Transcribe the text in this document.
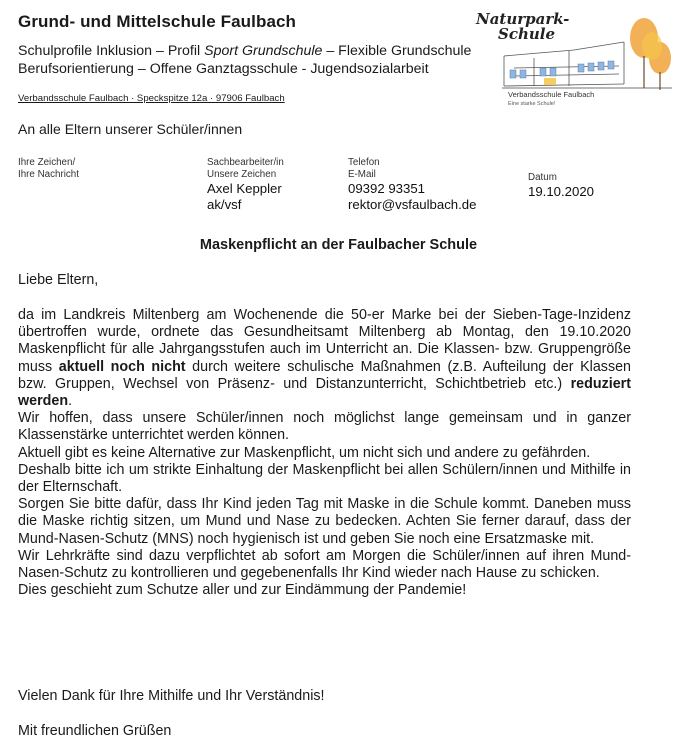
Grund- und Mittelschule Faulbach
Schulprofile Inklusion – Profil Sport Grundschule – Flexible Grundschule
Berufsorientierung – Offene Ganztagsschule - Jugendsozialarbeit
Verbandsschule Faulbach · Speckspitze 12a · 97906 Faulbach
Naturpark-
Schule
Verbandsschule Faulbach
Eine starke Schule!
An alle Eltern unserer Schüler/innen
Ihre Zeichen/
Ihre Nachricht
Sachbearbeiter/in
Unsere Zeichen
Axel Keppler
ak/vsf
Telefon
E-Mail
09392 93351
rektor@vsfaulbach.de
Datum
19.10.2020
Maskenpflicht an der Faulbacher Schule
Liebe Eltern,

da im Landkreis Miltenberg am Wochenende die 50-er Marke bei der Sieben-Tage-Inzidenz übertroffen wurde, ordnete das Gesundheitsamt Miltenberg ab Montag, den 19.10.2020 Maskenpflicht für alle Jahrgangsstufen auch im Unterricht an. Die Klassen- bzw. Gruppengröße muss aktuell noch nicht durch weitere schulische Maßnahmen (z.B. Aufteilung der Klassen bzw. Gruppen, Wechsel von Präsenz- und Distanzunterricht, Schichtbetrieb etc.) reduziert werden.

Wir hoffen, dass unsere Schüler/innen noch möglichst lange gemeinsam und in ganzer Klassenstärke unterrichtet werden können.

Aktuell gibt es keine Alternative zur Maskenpflicht, um nicht sich und andere zu gefährden.

Deshalb bitte ich um strikte Einhaltung der Maskenpflicht bei allen Schülern/innen und Mithilfe in der Elternschaft.

Sorgen Sie bitte dafür, dass Ihr Kind jeden Tag mit Maske in die Schule kommt. Daneben muss die Maske richtig sitzen, um Mund und Nase zu bedecken. Achten Sie ferner darauf, dass der Mund-Nasen-Schutz (MNS) noch hygienisch ist und geben Sie noch eine Ersatzmaske mit.

Wir Lehrkräfte sind dazu verpflichtet ab sofort am Morgen die Schüler/innen auf ihren Mund-Nasen-Schutz zu kontrollieren und gegebenenfalls Ihr Kind wieder nach Hause zu schicken.

Dies geschieht zum Schutze aller und zur Eindämmung der Pandemie!

Vielen Dank für Ihre Mithilfe und Ihr Verständnis!
Mit freundlichen Grüßen
